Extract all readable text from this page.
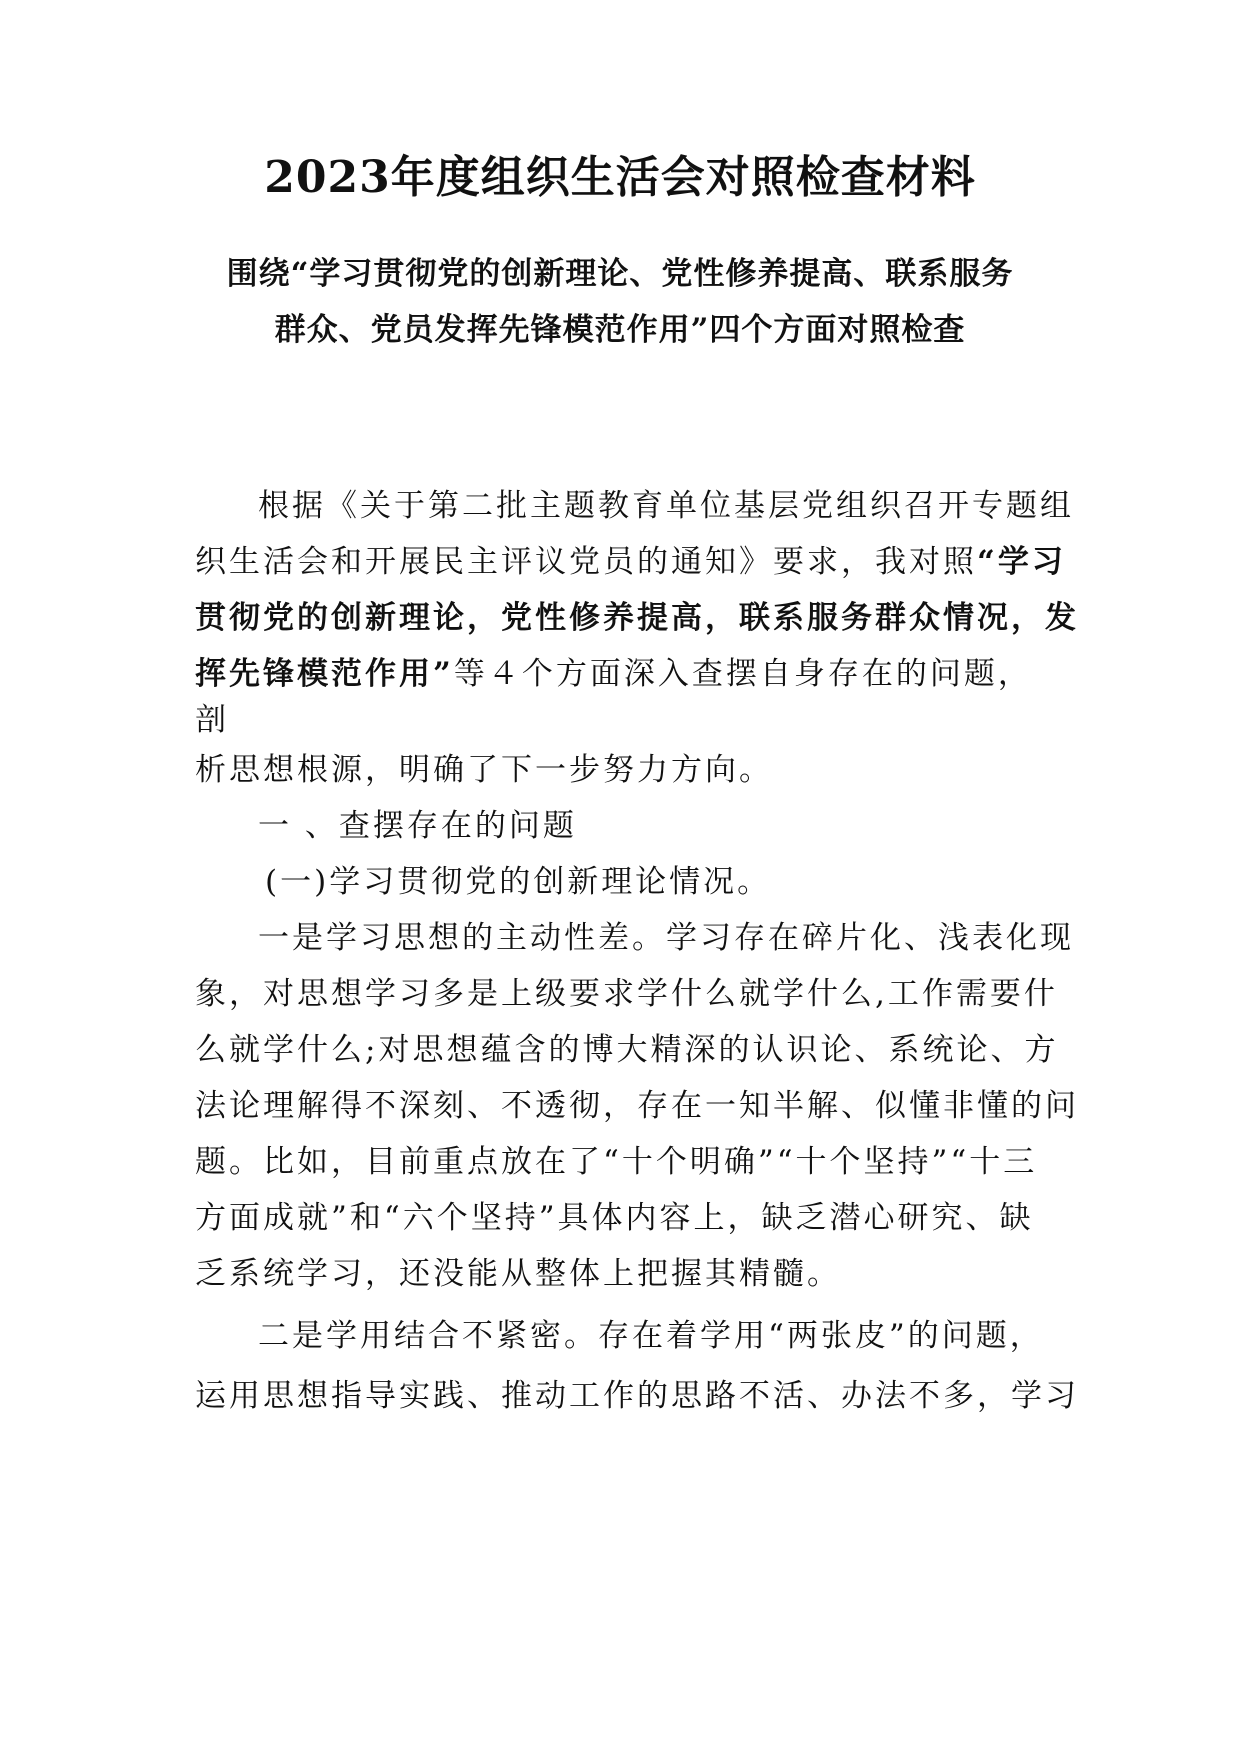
2023年度组织生活会对照检查材料

围绕“学习贯彻党的创新理论、党性修养提高、联系服务

群众、党员发挥先锋模范作用”四个方面对照检查

根据《关于第二批主题教育单位基层党组织召开专题组

织生活会和开展民主评议党员的通知》要求，我对照“学习

贯彻党的创新理论，党性修养提高，联系服务群众情况，发

挥先锋模范作用”等４个方面深入查摆自身存在的问题，

剖

析思想根源，明确了下一步努力方向。

一 、查摆存在的问题

(一)学习贯彻党的创新理论情况。

一是学习思想的主动性差。学习存在碎片化、浅表化现

象，对思想学习多是上级要求学什么就学什么,工作需要什

么就学什么;对思想蕴含的博大精深的认识论、系统论、方

法论理解得不深刻、不透彻，存在一知半解、似懂非懂的问

题。比如，目前重点放在了“十个明确”“十个坚持”“十三

方面成就”和“六个坚持”具体内容上，缺乏潜心研究、缺

乏系统学习，还没能从整体上把握其精髓。

二是学用结合不紧密。存在着学用“两张皮”的问题，

运用思想指导实践、推动工作的思路不活、办法不多，学习
